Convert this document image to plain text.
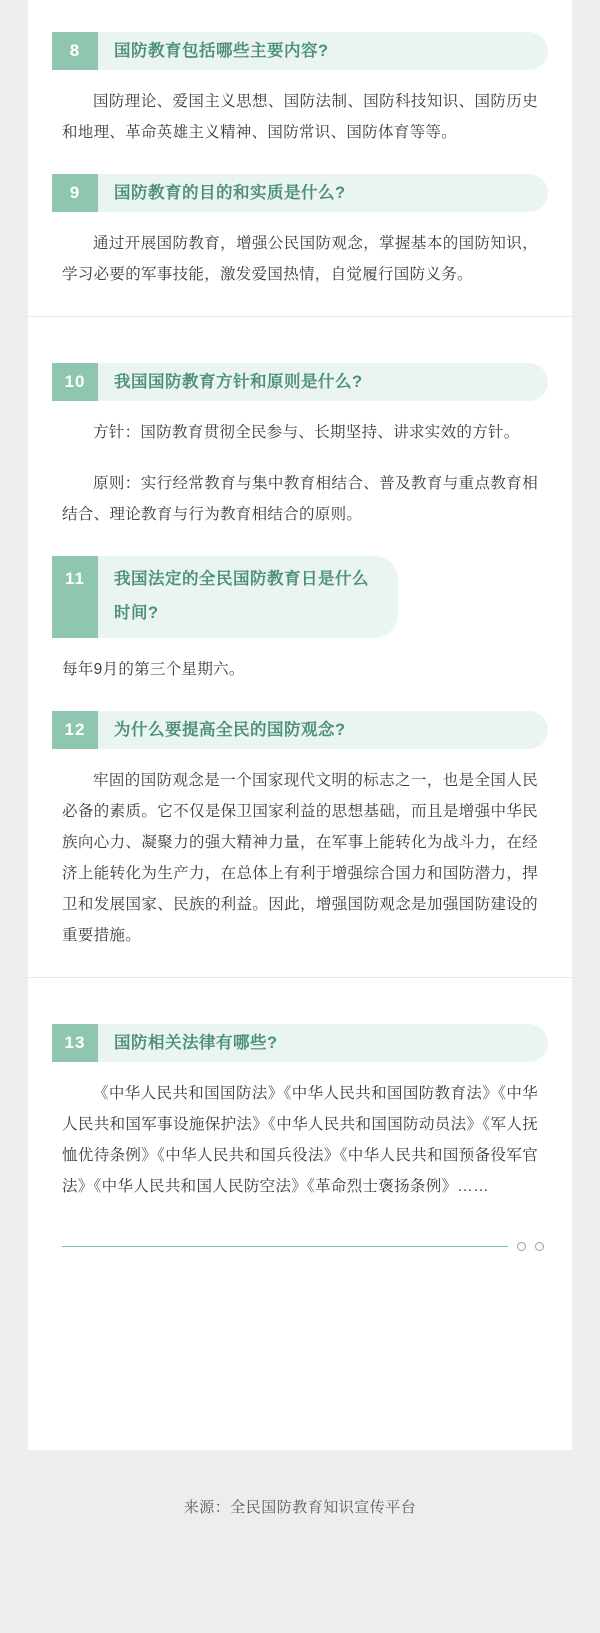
8	国防教育包括哪些主要内容?
国防理论、爱国主义思想、国防法制、国防科技知识、国防历史和地理、革命英雄主义精神、国防常识、国防体育等等。
9	国防教育的目的和实质是什么?
通过开展国防教育，增强公民国防观念，掌握基本的国防知识，学习必要的军事技能，激发爱国热情，自觉履行国防义务。
10	我国国防教育方针和原则是什么?
方针：国防教育贯彻全民参与、长期坚持、讲求实效的方针。
原则：实行经常教育与集中教育相结合、普及教育与重点教育相结合、理论教育与行为教育相结合的原则。
11	我国法定的全民国防教育日是什么时间?
每年9月的第三个星期六。
12	为什么要提高全民的国防观念?
牢固的国防观念是一个国家现代文明的标志之一，也是全国人民必备的素质。它不仅是保卫国家利益的思想基础，而且是增强中华民族向心力、凝聚力的强大精神力量，在军事上能转化为战斗力，在经济上能转化为生产力，在总体上有利于增强综合国力和国防潜力，捍卫和发展国家、民族的利益。因此，增强国防观念是加强国防建设的重要措施。
13	国防相关法律有哪些?
《中华人民共和国国防法》《中华人民共和国国防教育法》《中华人民共和国军事设施保护法》《中华人民共和国国防动员法》《军人抚恤优待条例》《中华人民共和国兵役法》《中华人民共和国预备役军官法》《中华人民共和国人民防空法》《革命烈士褒扬条例》……
来源：全民国防教育知识宣传平台
